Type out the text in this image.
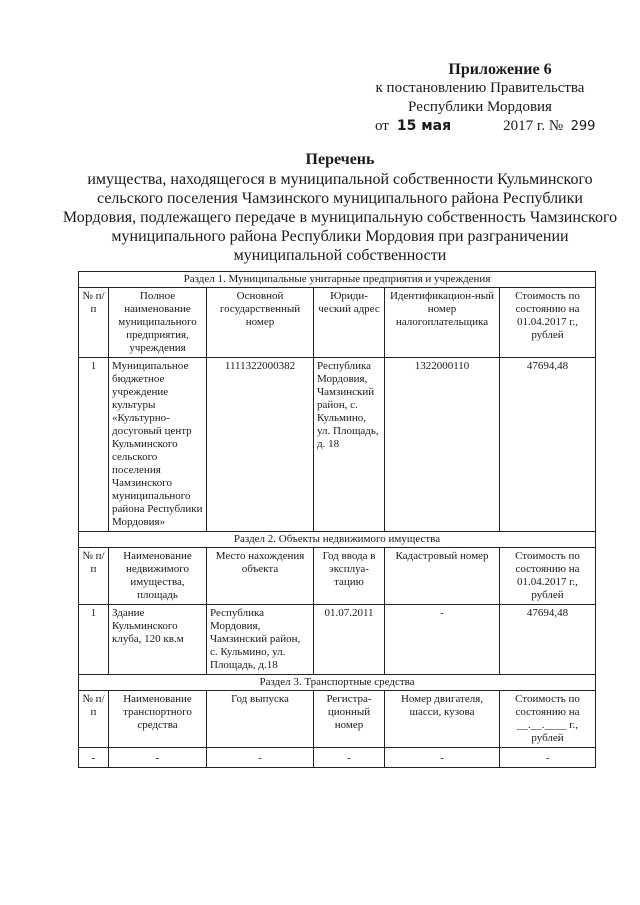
Приложение 6
к постановлению Правительства
Республики Мордовия
от 15 мая	2017 г. № 299
Перечень
имущества, находящегося в муниципальной собственности Кульминского сельского поселения Чамзинского муниципального района Республики Мордовия, подлежащего передаче в муниципальную собственность Чамзинского муниципального района Республики Мордовия при разграничении муниципальной собственности
Раздел 1. Муниципальные унитарные предприятия и учреждения					
№ п/п	Полное наименование муниципального предприятия, учреждения	Основной государственный номер	Юриди-ческий адрес	Идентификацион-ный номер налогоплательщика	Стоимость по состоянию на 01.04.2017 г., рублей
1	Муниципальное бюджетное учреждение культуры «Культурно-досуговый центр Кульминского сельского поселения Чамзинского муниципального района Республики Мордовия»	1111322000382	Республика Мордовия, Чамзинский район, с. Кульмино, ул. Площадь, д. 18	1322000110	47694,48
Раздел 2. Объекты недвижимого имущества					
№ п/п	Наименование недвижимого имущества, площадь	Место нахождения объекта	Год ввода в эксплуа-тацию	Кадастровый номер	Стоимость по состоянию на 01.04.2017 г., рублей
1	Здание Кульминского клуба, 120 кв.м	Республика Мордовия, Чамзинский район, с. Кульмино, ул. Площадь, д.18	01.07.2011	-	47694,48
Раздел 3. Транспортные средства					
№ п/п	Наименование транспортного средства	Год выпуска	Регистра-ционный номер	Номер двигателя, шасси, кузова	Стоимость по состоянию на __.__.____ г., рублей
-	-	-	-	-	-
